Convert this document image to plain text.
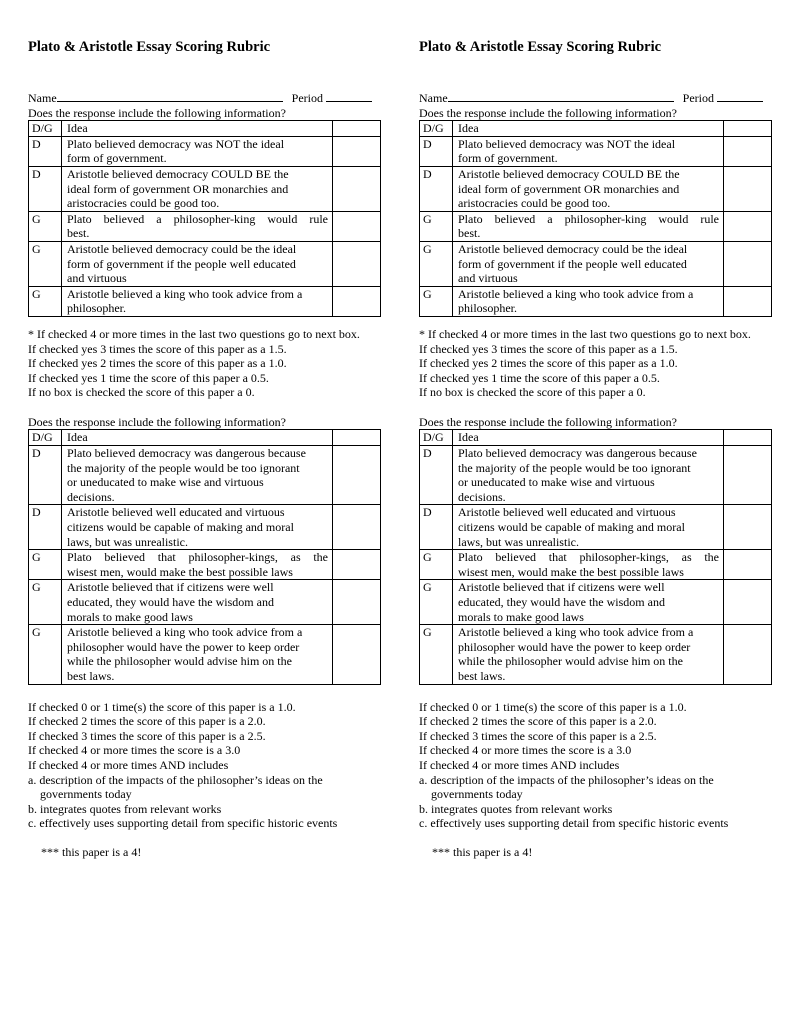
Plato & Aristotle Essay Scoring Rubric
Name	Period

Does the response include the following information?

D/G	Idea	
D	Plato believed democracy was NOT the ideal
form of government.	

D	Aristotle believed democracy COULD BE the
ideal form of government OR monarchies and
aristocracies could be good too.	

G	Plato believed a philosopher-king would rule
best.	

G	Aristotle believed democracy could be the ideal
form of government if the people well educated
and virtuous	

G	Aristotle believed a king who took advice from a
philosopher.	

* If checked 4 or more times in the last two questions go to next box.

If checked yes 3 times the score of this paper as a 1.5.

If checked yes 2 times the score of this paper as a 1.0.

If checked yes 1 time the score of this paper a 0.5.

If no box is checked the score of this paper a 0.

Does the response include the following information?

D/G	Idea	
D	Plato believed democracy was dangerous because
the majority of the people would be too ignorant
or uneducated to make wise and virtuous
decisions.	

D	Aristotle believed well educated and virtuous
citizens would be capable of making and moral
laws, but was unrealistic.	

G	Plato believed that philosopher-kings, as the
wisest men, would make the best possible laws	

G	Aristotle believed that if citizens were well
educated, they would have the wisdom and
morals to make good laws	

G	Aristotle believed a king who took advice from a
philosopher would have the power to keep order
while the philosopher would advise him on the
best laws.	

If checked 0 or 1 time(s) the score of this paper is a 1.0.

If checked 2 times the score of this paper is a 2.0.

If checked 3 times the score of this paper is a 2.5.

If checked 4 or more times the score is a 3.0

If checked 4 or more times AND includes

a. description of the impacts of the philosopher’s ideas on the governments today

b. integrates quotes from relevant works

c. effectively uses supporting detail from specific historic events

*** this paper is a 4!

Plato & Aristotle Essay Scoring Rubric
Name	Period

Does the response include the following information?

D/G	Idea	
D	Plato believed democracy was NOT the ideal
form of government.	

D	Aristotle believed democracy COULD BE the
ideal form of government OR monarchies and
aristocracies could be good too.	

G	Plato believed a philosopher-king would rule
best.	

G	Aristotle believed democracy could be the ideal
form of government if the people well educated
and virtuous	

G	Aristotle believed a king who took advice from a
philosopher.	

* If checked 4 or more times in the last two questions go to next box.

If checked yes 3 times the score of this paper as a 1.5.

If checked yes 2 times the score of this paper as a 1.0.

If checked yes 1 time the score of this paper a 0.5.

If no box is checked the score of this paper a 0.

Does the response include the following information?

D/G	Idea	
D	Plato believed democracy was dangerous because
the majority of the people would be too ignorant
or uneducated to make wise and virtuous
decisions.	

D	Aristotle believed well educated and virtuous
citizens would be capable of making and moral
laws, but was unrealistic.	

G	Plato believed that philosopher-kings, as the
wisest men, would make the best possible laws	

G	Aristotle believed that if citizens were well
educated, they would have the wisdom and
morals to make good laws	

G	Aristotle believed a king who took advice from a
philosopher would have the power to keep order
while the philosopher would advise him on the
best laws.	

If checked 0 or 1 time(s) the score of this paper is a 1.0.

If checked 2 times the score of this paper is a 2.0.

If checked 3 times the score of this paper is a 2.5.

If checked 4 or more times the score is a 3.0

If checked 4 or more times AND includes

a. description of the impacts of the philosopher’s ideas on the governments today

b. integrates quotes from relevant works

c. effectively uses supporting detail from specific historic events

*** this paper is a 4!
